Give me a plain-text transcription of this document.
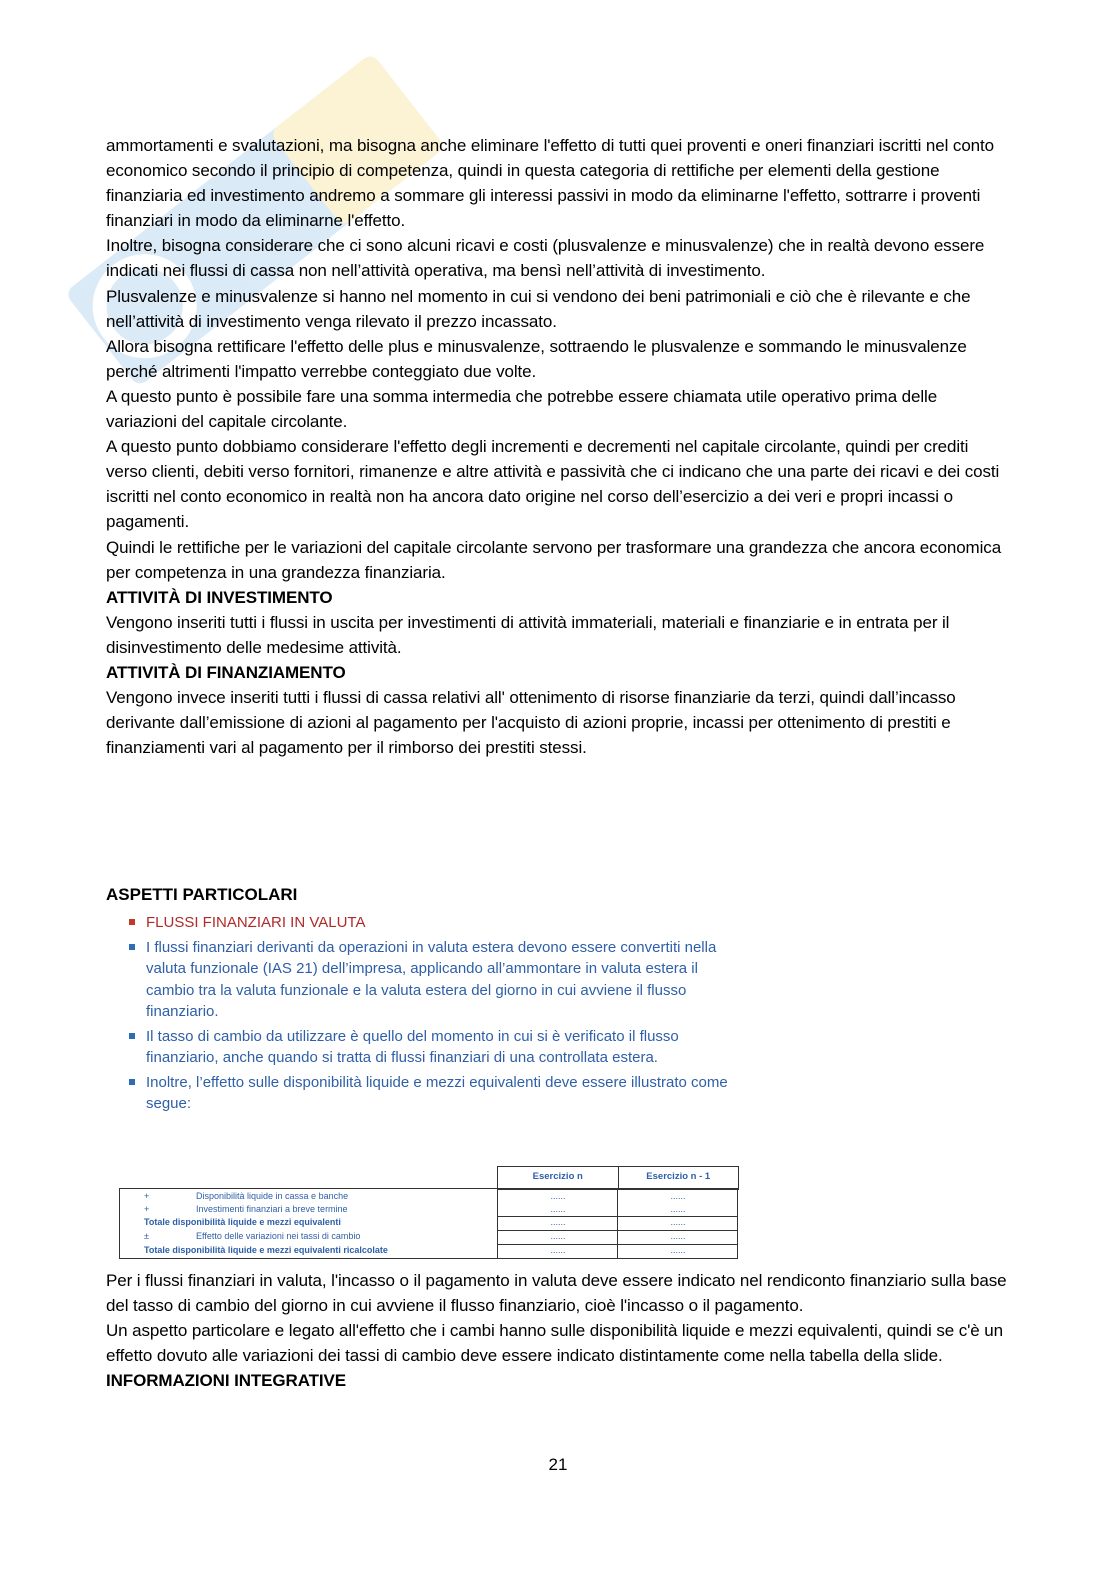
ammortamenti e svalutazioni, ma bisogna anche eliminare l'effetto di tutti quei proventi e oneri finanziari iscritti nel conto economico secondo il principio di competenza, quindi in questa categoria di rettifiche per elementi della gestione finanziaria ed investimento andremo a sommare gli interessi passivi in modo da eliminarne l'effetto, sottrarre i proventi finanziari in modo da eliminarne l'effetto.

Inoltre, bisogna considerare che ci sono alcuni ricavi e costi (plusvalenze e minusvalenze) che in realtà devono essere indicati nei flussi di cassa non nell’attività operativa, ma bensì nell’attività di investimento.

Plusvalenze e minusvalenze si hanno nel momento in cui si vendono dei beni patrimoniali e ciò che è rilevante e che nell’attività di investimento venga rilevato il prezzo incassato.

Allora bisogna rettificare l'effetto delle plus e minusvalenze, sottraendo le plusvalenze e sommando le minusvalenze perché altrimenti l'impatto verrebbe conteggiato due volte.

A questo punto è possibile fare una somma intermedia che potrebbe essere chiamata utile operativo prima delle variazioni del capitale circolante.

A questo punto dobbiamo considerare l'effetto degli incrementi e decrementi nel capitale circolante, quindi per crediti verso clienti, debiti verso fornitori, rimanenze e altre attività e passività che ci indicano che una parte dei ricavi e dei costi iscritti nel conto economico in realtà non ha ancora dato origine nel corso dell’esercizio a dei veri e propri incassi o pagamenti.

Quindi le rettifiche per le variazioni del capitale circolante servono per trasformare una grandezza che ancora economica per competenza in una grandezza finanziaria.

ATTIVITÀ DI INVESTIMENTO

Vengono inseriti tutti i flussi in uscita per investimenti di attività immateriali, materiali e finanziarie e in entrata per il disinvestimento delle medesime attività.

ATTIVITÀ DI FINANZIAMENTO

Vengono invece inseriti tutti i flussi di cassa relativi all' ottenimento di risorse finanziarie da terzi, quindi dall’incasso derivante dall’emissione di azioni al pagamento per l'acquisto di azioni proprie, incassi per ottenimento di prestiti e finanziamenti vari al pagamento per il rimborso dei prestiti stessi.

ASPETTI PARTICOLARI
FLUSSI FINANZIARI IN VALUTA
I flussi finanziari derivanti da operazioni in valuta estera devono essere convertiti nella valuta funzionale (IAS 21) dell’impresa, applicando all’ammontare in valuta estera il cambio tra la valuta funzionale e la valuta estera del giorno in cui avviene il flusso finanziario.
Il tasso di cambio da utilizzare è quello del momento in cui si è verificato il flusso finanziario, anche quando si tratta di flussi finanziari di una controllata estera.
Inoltre, l’effetto sulle disponibilità liquide e mezzi equivalenti deve essere illustrato come segue:
Esercizio n	Esercizio n - 1
+	Disponibilità liquide in cassa e banche	......	......
+	Investimenti finanziari a breve termine	......	......
Totale disponibilità liquide e mezzi equivalenti	......	......
±	Effetto delle variazioni nei tassi di cambio	......	......
Totale disponibilità liquide e mezzi equivalenti ricalcolate	......	......

Per i flussi finanziari in valuta, l'incasso o il pagamento in valuta deve essere indicato nel rendiconto finanziario sulla base del tasso di cambio del giorno in cui avviene il flusso finanziario, cioè l'incasso o il pagamento.

Un aspetto particolare e legato all'effetto che i cambi hanno sulle disponibilità liquide e mezzi equivalenti, quindi se c'è un effetto dovuto alle variazioni dei tassi di cambio deve essere indicato distintamente come nella tabella della slide.

INFORMAZIONI INTEGRATIVE

21
